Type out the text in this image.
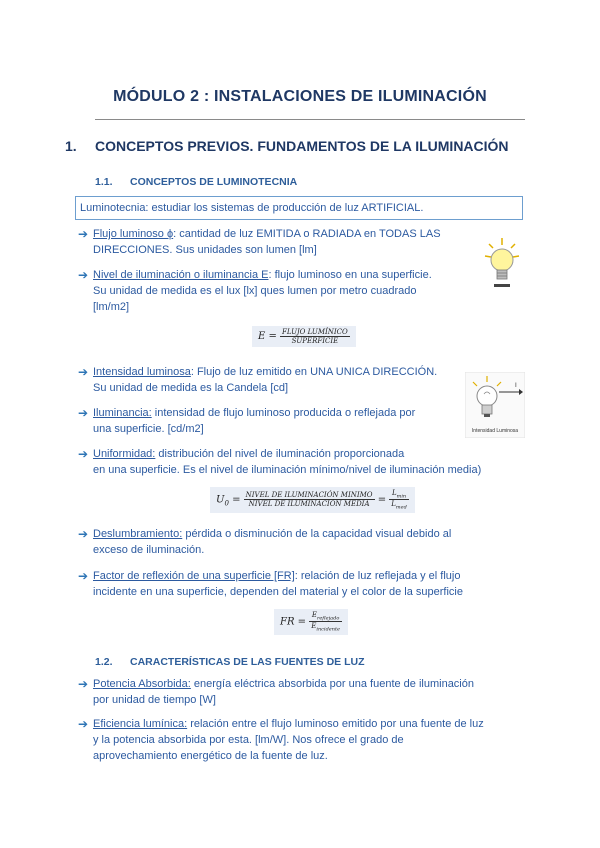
MÓDULO 2 : INSTALACIONES DE ILUMINACIÓN
1. CONCEPTOS PREVIOS. FUNDAMENTOS DE LA ILUMINACIÓN
1.1. CONCEPTOS DE LUMINOTECNIA
Luminotecnia: estudiar los sistemas de producción de luz ARTIFICIAL.
➔ Flujo luminoso ϕ: cantidad de luz EMITIDA o RADIADA en TODAS LAS
DIRECCIONES. Sus unidades son lumen [lm]
➔ Nivel de iluminación o iluminancia E: flujo luminoso en una superficie.
Su unidad de medida es el lux [lx] ques lumen por metro cuadrado
[lm/m2]
$E = \frac{\text{FLUJO LUMÍNICO}}{\text{SUPERFICIE}}$
➔ Intensidad luminosa: Flujo de luz emitido en UNA UNICA DIRECCIÓN.
Su unidad de medida es la Candela [cd]	I
Intensidad Luminosa
➔ Iluminancia: intensidad de flujo luminoso producida o reflejada por
una superficie. [cd/m2]
➔ Uniformidad: distribución del nivel de iluminación proporcionada
en una superficie. Es el nivel de iluminación mínimo/nivel de iluminación media)
$U_0 = \frac{\text{NIVEL DE ILUMINACIÓN MINIMO}}{\text{NIVEL DE ILUMINACIÓN MEDIA}} = \frac{L_{min}}{L_{med}}$
➔ Deslumbramiento: pérdida o disminución de la capacidad visual debido al
exceso de iluminación.
➔ Factor de reflexión de una superficie [FR]: relación de luz reflejada y el flujo
incidente en una superficie, dependen del material y el color de la superficie
FR = $\frac{E_{reflejado}}{E_{incidente}}$
1.2. CARACTERÍSTICAS DE LAS FUENTES DE LUZ
➔ Potencia Absorbida: energía eléctrica absorbida por una fuente de iluminación
por unidad de tiempo [W]
➔ Eficiencia lumínica: relación entre el flujo luminoso emitido por una fuente de luz
y la potencia absorbida por esta. [lm/W]. Nos ofrece el grado de
aprovechamiento energético de la fuente de luz.
